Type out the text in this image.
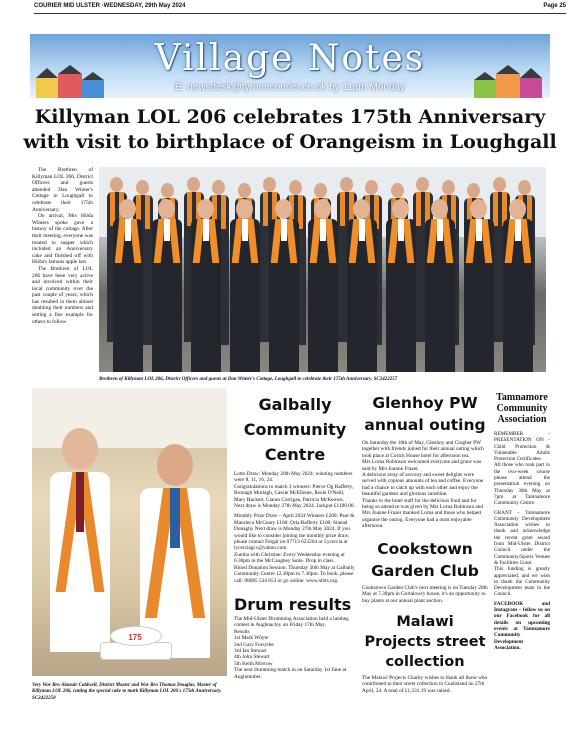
COURIER MID ULSTER -WEDNESDAY, 29th May 2024	Page 25
Village Notes
E: newsdesk@tyronecourier.co.uk by 11am Monday
Killyman LOL 206 celebrates 175th Anniversary
with visit to birthplace of Orangeism in Loughgall

The Brethren of Killyman LOL 206, District Officers and guests attended Dan Winter's Cottage in Loughgall to celebrate their 175th Anniversary.

On arrival, Mrs Hilda Winters spoke gave a history of the cottage. After their meeting, everyone was treated to supper which included an Anniversary cake and finished off with Hilda's famous apple tart.

The Brethren of LOL 206 have been very active and involved within their local community over the past couple of years, which has resulted in them almost doubling their numbers and setting a fine example for others to follow.

Brethren of Killyman LOL 206, District Officers and guests at Dan Winter's Cottage, Loughgall to celebrate their 175th Anniversary. SC2422257
175
Very Wor Bro Alastair Caldwell, District Master and Wor Bro Thomas Douglas, Master of Killyman LOL 206, cutting the special cake to mark Killyman LOL 206's 175th Anniversary. SC2422258
Galbally Community Centre

Lotto Draw: Monday 20th May 2024: winning numbers were 8, 11, 16, 24.

Congratulations to match 3 winners: Pierce Og Rafferty, Bronagh Murtagh, Cassie McElhone, Rosie O'Neill, Mary Hackett, Ciaran Corrigan, Patricia McKeown.

Next draw is Monday 27th May 2024. Jackpot £1100.00.

Monthly Prize Draw – April 2024 Winners £200: Paul & Maurieca McGeary £100: Orla Rafferty £100: Sinead Donaghy Next draw is Monday 27th May 2024. If you would like to consider joining the monthly prize draw, please contact Fergal on 07713 623264 or Lycercia at lycerciagcc@yahoo.com

Zumba with Christine: Every Wednesday evening at 6.30pm in the McCaughey Suite. Drop in class.

Blood Donation Session: Thursday 30th May at Galbally Community Centre 12.30pm to 7.30pm. To book, please call: 08085 534 653 or go online: www.nibts.org.

Drum results

The Mid-Ulster Drumming Association held a lambeg contest in Aughnacloy on Friday 17th May.

Results

1st Mark Whyte

2nd Gary Forsythe

3rd Ian Stewart

4th John Stewart

5th Keith Morrow

The next drumming match in on Saturday 1st June at Aughintober.

Glenhoy PW annual outing

On Saturday the 18th of May, Glenhoy and Clogher PW together with friends joined for their annual outing which took place at Corick House hotel for afternoon tea.

Mrs Lorna Robinson welcomed everyone and grace was said by Mrs Joanne Frazer.

A delicious array of savoury and sweet delights were served with copious amounts of tea and coffee. Everyone had a chance to catch up with each other and enjoy the beautiful gardens and glorious sunshine.

Thanks to the hotel staff for the delicious food and for being so attentive was given by Mrs Lorna Robinson and Mrs Joanne Frazer thanked Lorna and those who helped organise the outing. Everyone had a most enjoyable afternoon.

Cookstown Garden Club

Cookstown Garden Club's next meeting is on Tuesday 28th May at 7.30pm in Gortalowry house, it's an opportunity to buy plants at our annual plant auction.

Malawi Projects street collection

The Malawi Projects Charity wishes to thank all those who contributed to their street collection in Coalisland on 27th April, 24. A total of £1,331.19 was raised.

Tamnamore Community Association

REMEMBER - PRESENTATION ON - Child Protection & Vulnerable Adults Protection Certificates.

All those who took part in the two-week course please attend the presentation evening on Thursday 30th May at 7pm at Tamnamore Community Centre.

GRANT - Tamnamore Community Development Association wishes to thank and acknowledge the recent grant award from Mid-Ulster District Council under the Community/Sports Venues & Facilities Grant.

This funding is greatly appreciated, and we wish to thank the Community Development team in the Council.

FACEBOOK and Instagram – follow us on our Facebook for all details on upcoming events at Tamnamore Community Development Association.
